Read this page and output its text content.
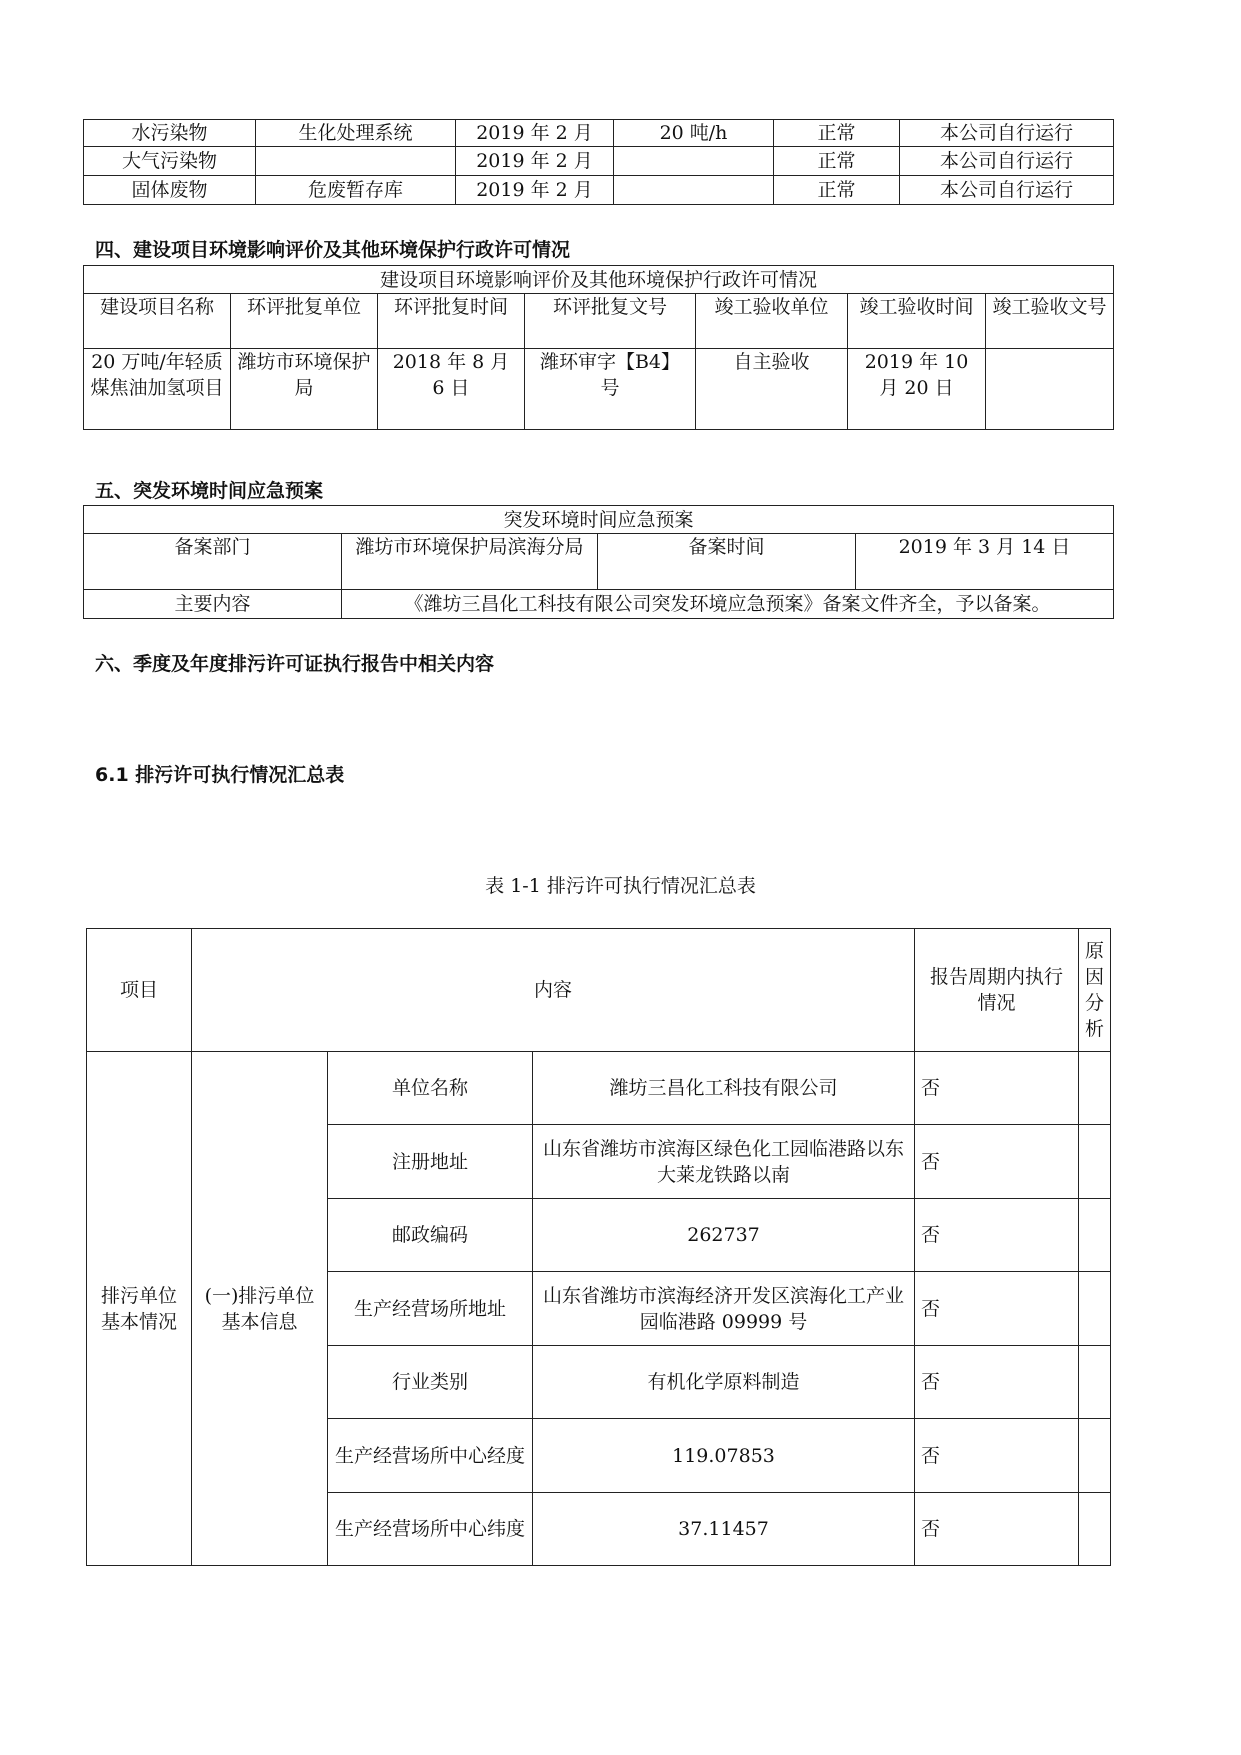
水污染物	生化处理系统	2019 年 2 月	20 吨/h	正常	本公司自行运行
大气污染物		2019 年 2 月		正常	本公司自行运行
固体废物	危废暂存库	2019 年 2 月		正常	本公司自行运行
四、建设项目环境影响评价及其他环境保护行政许可情况
建设项目环境影响评价及其他环境保护行政许可情况						
建设项目名称	环评批复单位	环评批复时间	环评批复文号	竣工验收单位	竣工验收时间	竣工验收文号
20 万吨/年轻质煤焦油加氢项目	潍坊市环境保护局	2018 年 8 月 6 日	潍环审字【B4】号	自主验收	2019 年 10 月 20 日	
五、突发环境时间应急预案
突发环境时间应急预案			
备案部门	潍坊市环境保护局滨海分局	备案时间	2019 年 3 月 14 日
主要内容	《潍坊三昌化工科技有限公司突发环境应急预案》备案文件齐全，予以备案。		
六、季度及年度排污许可证执行报告中相关内容
6.1 排污许可执行情况汇总表
表 1-1 排污许可执行情况汇总表
项目	内容			报告周期内执行情况	原因分析
排污单位基本情况	(一)排污单位基本信息	单位名称	潍坊三昌化工科技有限公司	否	
		注册地址	山东省潍坊市滨海区绿色化工园临港路以东大莱龙铁路以南	否	
		邮政编码	262737	否	
		生产经营场所地址	山东省潍坊市滨海经济开发区滨海化工产业园临港路 09999 号	否	
		行业类别	有机化学原料制造	否	
		生产经营场所中心经度	119.07853	否	
		生产经营场所中心纬度	37.11457	否	
